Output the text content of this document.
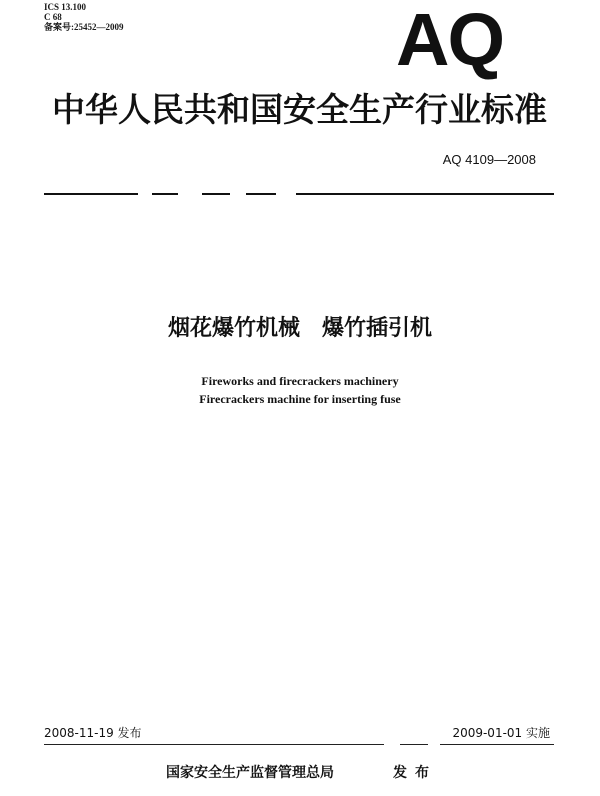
ICS 13.100
C 68
备案号:25452—2009	AQ
中华人民共和国安全生产行业标准
AQ 4109—2008
烟花爆竹机械　爆竹插引机
Fireworks and firecrackers machinery
Firecrackers machine for inserting fuse
2008-11-19 发布	2009-01-01 实施
国家安全生产监督管理总局	发布
